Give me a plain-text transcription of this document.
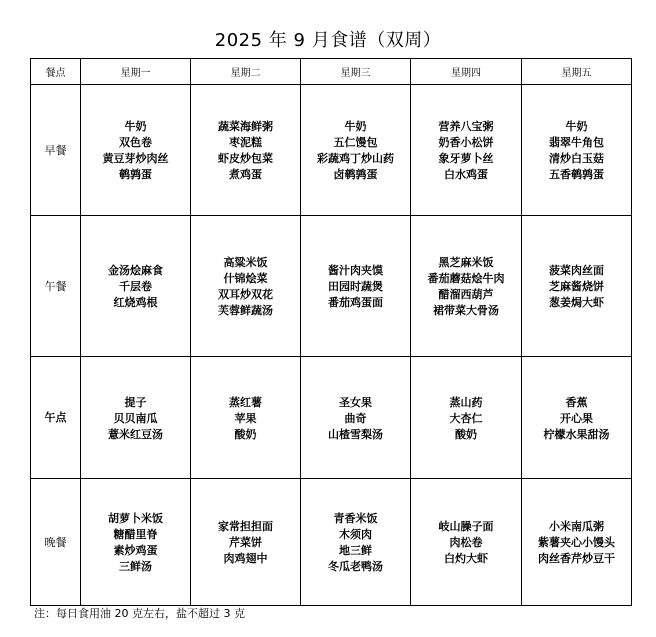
2025 年 9 月食谱（双周）
餐点	星期一	星期二	星期三	星期四	星期五
早餐	牛奶
双色卷
黄豆芽炒肉丝
鹌鹑蛋	蔬菜海鲜粥
枣泥糕
虾皮炒包菜
煮鸡蛋	牛奶
五仁馒包
彩蔬鸡丁炒山药
卤鹌鹑蛋	营养八宝粥
奶香小松饼
象牙萝卜丝
白水鸡蛋	牛奶
翡翠牛角包
清炒白玉菇
五香鹌鹑蛋

午餐	金汤烩麻食
千层卷
红烧鸡根	高粱米饭
什锦烩菜
双耳炒双花
芙蓉鲜蔬汤	酱汁肉夹馍
田园时蔬煲
番茄鸡蛋面	黑芝麻米饭
番茄蘑菇烩牛肉
醋溜西葫芦
裙带菜大骨汤	菠菜肉丝面
芝麻酱烧饼
葱姜焗大虾

午点	提子
贝贝南瓜
薏米红豆汤	蒸红薯
苹果
酸奶	圣女果
曲奇
山楂雪梨汤	蒸山药
大杏仁
酸奶	香蕉
开心果
柠檬水果甜汤

晚餐	胡萝卜米饭
糖醋里脊
素炒鸡蛋
三鲜汤	家常担担面
芹菜饼
肉鸡翅中	青香米饭
木须肉
地三鲜
冬瓜老鸭汤	岐山臊子面
肉松卷
白灼大虾	小米南瓜粥
紫薯夹心小馒头
肉丝香芹炒豆干
注：每日食用油 20 克左右，盐不超过 3 克
